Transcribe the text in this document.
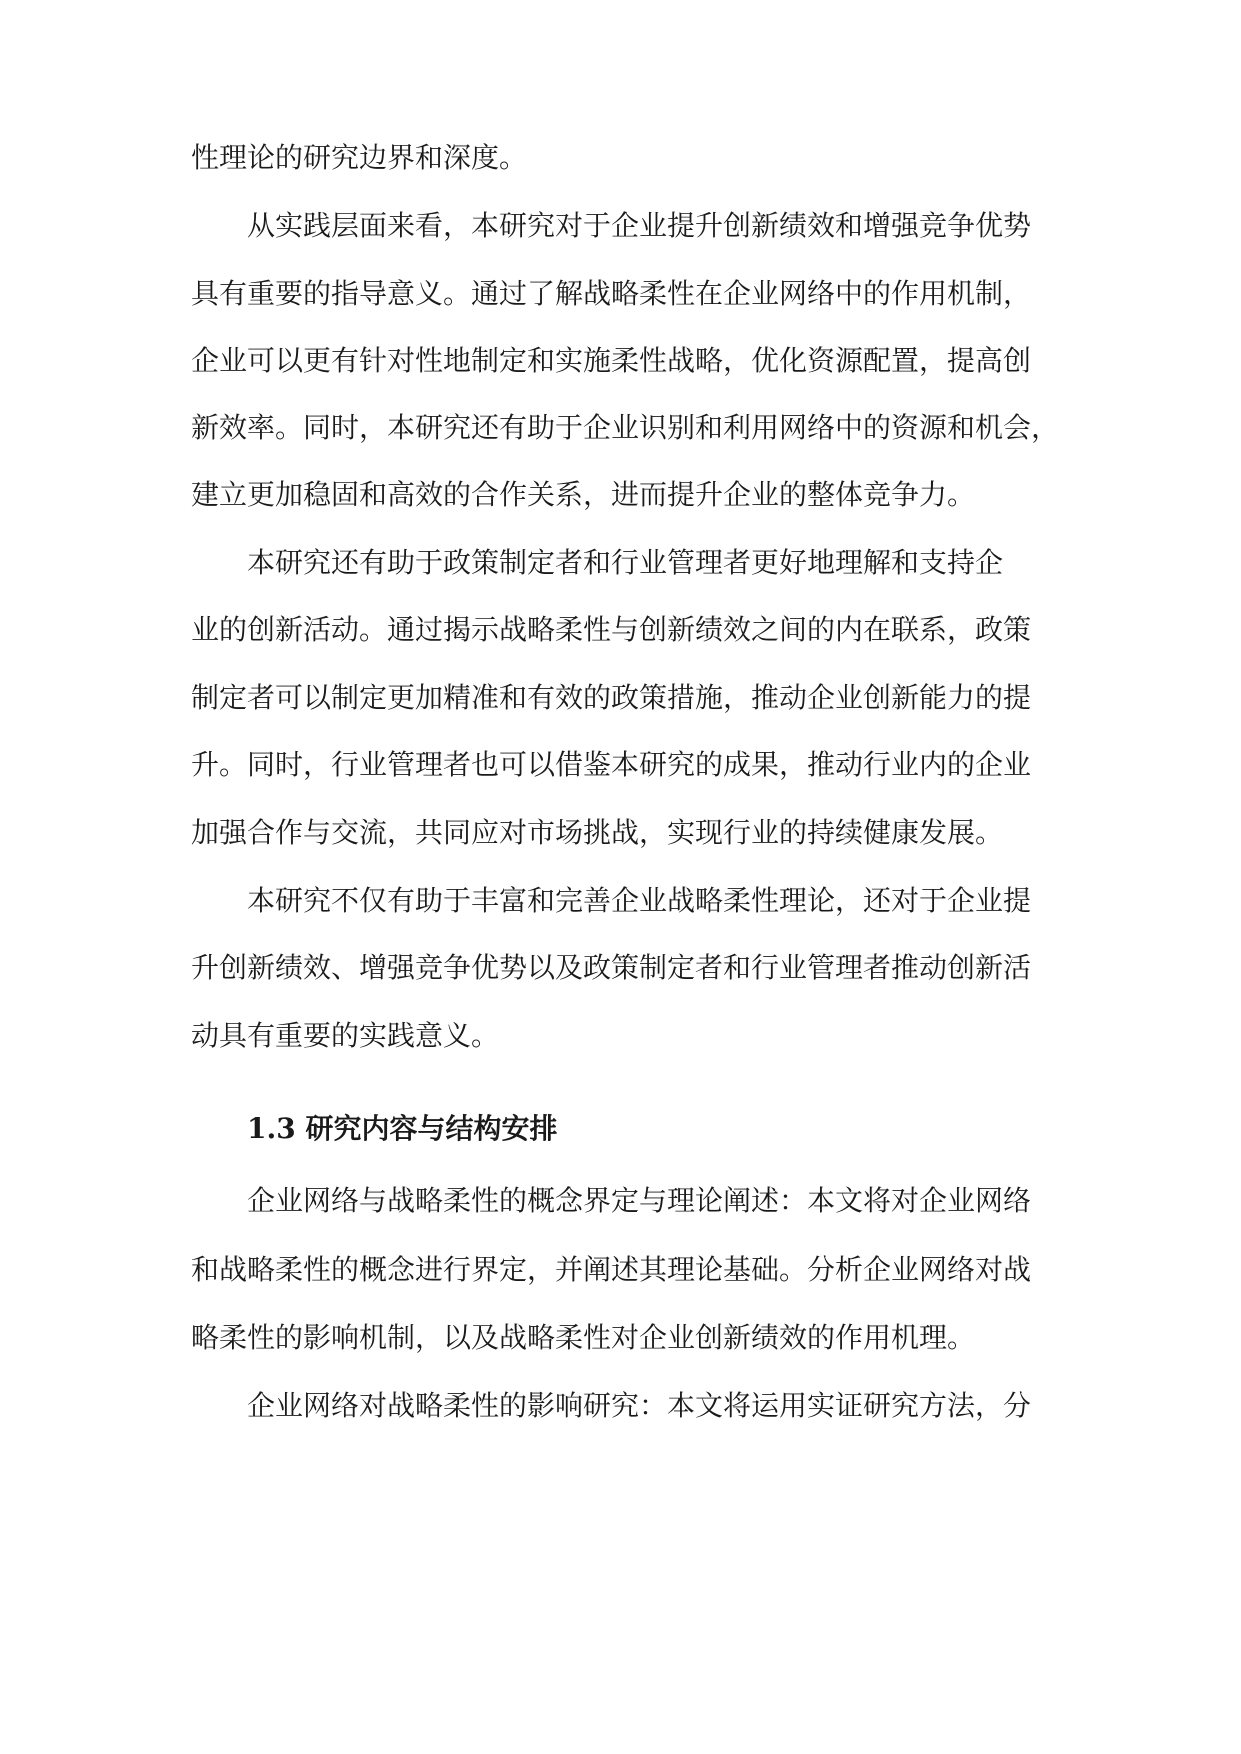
性理论的研究边界和深度。
从实践层面来看，本研究对于企业提升创新绩效和增强竞争优势
具有重要的指导意义。通过了解战略柔性在企业网络中的作用机制，
企业可以更有针对性地制定和实施柔性战略，优化资源配置，提高创
新效率。同时，本研究还有助于企业识别和利用网络中的资源和机会，
建立更加稳固和高效的合作关系，进而提升企业的整体竞争力。
本研究还有助于政策制定者和行业管理者更好地理解和支持企
业的创新活动。通过揭示战略柔性与创新绩效之间的内在联系，政策
制定者可以制定更加精准和有效的政策措施，推动企业创新能力的提
升。同时，行业管理者也可以借鉴本研究的成果，推动行业内的企业
加强合作与交流，共同应对市场挑战，实现行业的持续健康发展。
本研究不仅有助于丰富和完善企业战略柔性理论，还对于企业提
升创新绩效、增强竞争优势以及政策制定者和行业管理者推动创新活
动具有重要的实践意义。
1.3 研究内容与结构安排
企业网络与战略柔性的概念界定与理论阐述：本文将对企业网络
和战略柔性的概念进行界定，并阐述其理论基础。分析企业网络对战
略柔性的影响机制，以及战略柔性对企业创新绩效的作用机理。
企业网络对战略柔性的影响研究：本文将运用实证研究方法，分
